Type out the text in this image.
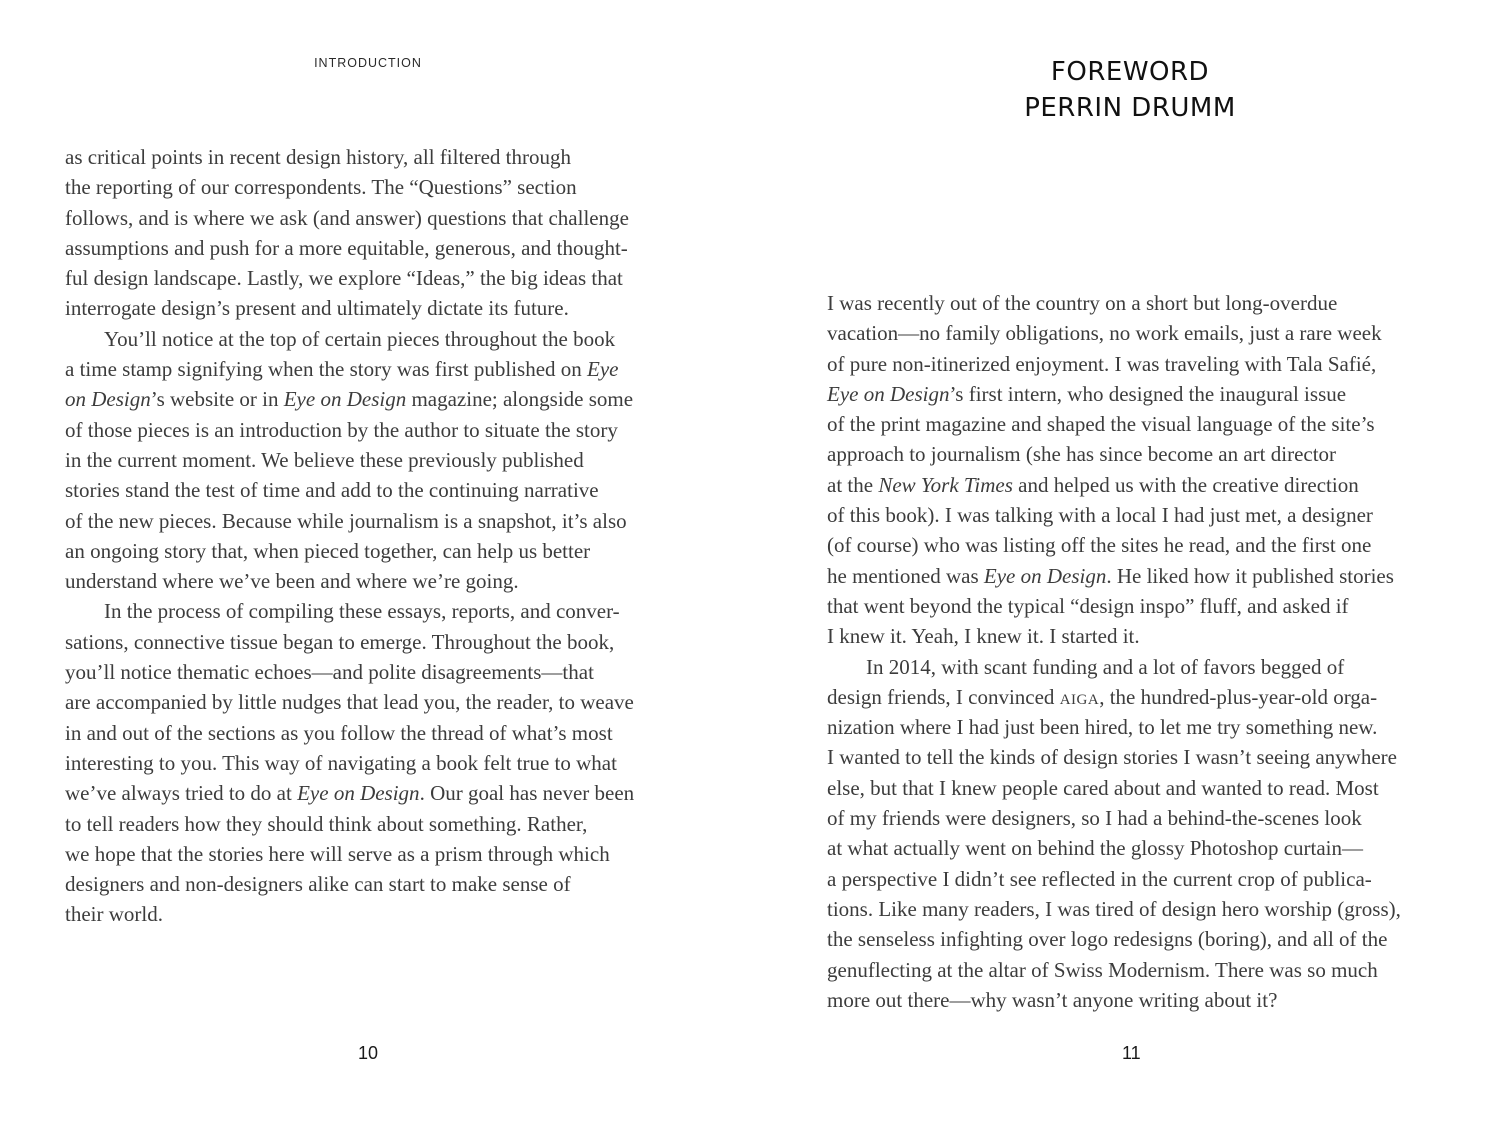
INTRODUCTION
as critical points in recent design history, all filtered through
the reporting of our correspondents. The “Questions” section
follows, and is where we ask (and answer) questions that challenge
assumptions and push for a more equitable, generous, and thought-
ful design landscape. Lastly, we explore “Ideas,” the big ideas that
interrogate design’s present and ultimately dictate its future.
You’ll notice at the top of certain pieces throughout the book
a time stamp signifying when the story was first published on Eye
on Design’s website or in Eye on Design magazine; alongside some
of those pieces is an introduction by the author to situate the story
in the current moment. We believe these previously published
stories stand the test of time and add to the continuing narrative
of the new pieces. Because while journalism is a snapshot, it’s also
an ongoing story that, when pieced together, can help us better
understand where we’ve been and where we’re going.
In the process of compiling these essays, reports, and conver-
sations, connective tissue began to emerge. Throughout the book,
you’ll notice thematic echoes—and polite disagreements—that
are accompanied by little nudges that lead you, the reader, to weave
in and out of the sections as you follow the thread of what’s most
interesting to you. This way of navigating a book felt true to what
we’ve always tried to do at Eye on Design. Our goal has never been
to tell readers how they should think about something. Rather,
we hope that the stories here will serve as a prism through which
designers and non-designers alike can start to make sense of
their world.
10
FOREWORD
PERRIN DRUMM
I was recently out of the country on a short but long-overdue
vacation—no family obligations, no work emails, just a rare week
of pure non-itinerized enjoyment. I was traveling with Tala Safié,
Eye on Design’s first intern, who designed the inaugural issue
of the print magazine and shaped the visual language of the site’s
approach to journalism (she has since become an art director
at the New York Times and helped us with the creative direction
of this book). I was talking with a local I had just met, a designer
(of course) who was listing off the sites he read, and the first one
he mentioned was Eye on Design. He liked how it published stories
that went beyond the typical “design inspo” fluff, and asked if
I knew it. Yeah, I knew it. I started it.
In 2014, with scant funding and a lot of favors begged of
design friends, I convinced aiga, the hundred-plus-year-old orga-
nization where I had just been hired, to let me try something new.
I wanted to tell the kinds of design stories I wasn’t seeing anywhere
else, but that I knew people cared about and wanted to read. Most
of my friends were designers, so I had a behind-the-scenes look
at what actually went on behind the glossy Photoshop curtain—
a perspective I didn’t see reflected in the current crop of publica-
tions. Like many readers, I was tired of design hero worship (gross),
the senseless infighting over logo redesigns (boring), and all of the
genuflecting at the altar of Swiss Modernism. There was so much
more out there—why wasn’t anyone writing about it?
11
